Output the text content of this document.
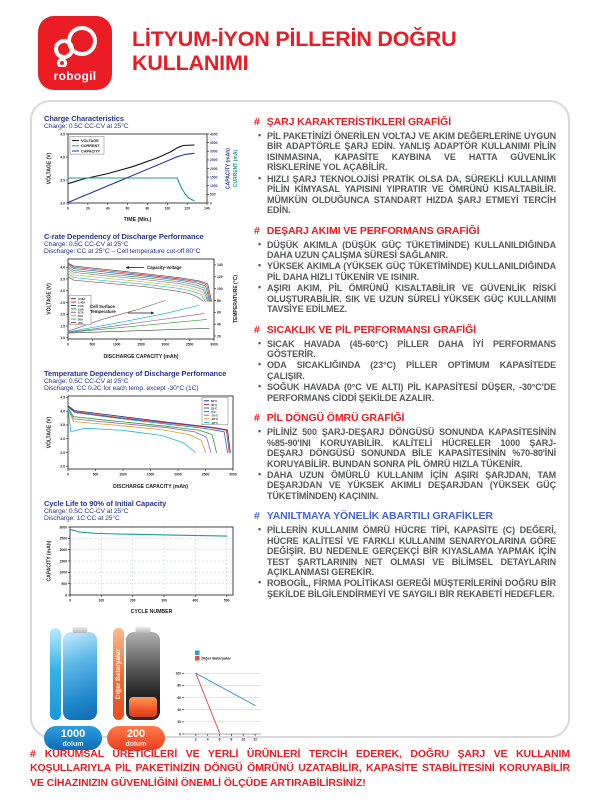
robogil
LİTYUM-İYON PİLLERİN DOĞRU
KULLANIMI
Charge Characteristics
Charge: 0.5C CC-CV at 25°C
0	20	40	60	80	100	120	140
3.0
3.5
4.0
4.5
0
500
1000
1500
2000
2500
3000
3500
4000
VOLTAGE (V)	CAPACITY (mAh) CURRENT (mA)
TIME (Min.)
VOLTAGE
CURRENT
CAPACITY
C-rate Dependency of Discharge Performance
Charge: 0.5C CC-CV at 25°C
Discharge: CC at 25°C – Cell temperature cut-off 80°C
0	500	1000	1500	2000	2500	3000
1.0
1.5
2.0
2.5
3.0
3.5
4.0
20
40
60
80
100
120
140
VOLTAGE (V)	TEMPERATURE (°C)
DISCHARGE CAPACITY (mAh)
0.58A
1.45A
2.9A
5.8A
8.7A
15A
20A
25A
Capacity-Voltage
Cell Surface
Temperature
Temperature Dependency of Discharge Performance
Charge: 0.5C CC-CV at 25°C
Discharge: CC 0.2C for each temp. except -30°C (1C)
0	500	1000	1500	2000	2500	3000
2.0
2.5
3.0
3.5
4.0
4.5
VOLTAGE (V)
DISCHARGE CAPACITY (mAh)
60°C
45°C
23°C
0°C
-10°C
-20°C
-30°C
Cycle Life to 90% of Initial Capacity
Charge: 0.5C CC-CV at 25°C
Discharge: 1C CC at 25°C
0	100	200	300	400	500
0
500
1000
1500
2000
2500
3000
CAPACITY (mAh)
CYCLE NUMBER
1000
dolum
Diğer Bataryalar
200
dolum
2	4	6	8	10 12
0
20
40
60
80
100
Diğer Bataryalar
# ŞARJ KARAKTERİSTİKLERİ GRAFİĞİ
• PİL PAKETİNİZİ ÖNERİLEN VOLTAJ VE AKIM DEĞERLERİNE UYGUN BİR ADAPTÖRLE ŞARJ EDİN. YANLIŞ ADAPTÖR KULLANIMI PİLİN ISINMASINA, KAPASİTE KAYBINA VE HATTA GÜVENLİK RİSKLERİNE YOL AÇABİLİR.
• HIZLI ŞARJ TEKNOLOJİSİ PRATİK OLSA DA, SÜREKLİ KULLANIMI PİLİN KİMYASAL YAPISINI YIPRATIR VE ÖMRÜNÜ KISALTABİLİR. MÜMKÜN OLDUĞUNCA STANDART HIZDA ŞARJ ETMEYİ TERCİH EDİN.
# DEŞARJ AKIMI VE PERFORMANS GRAFİĞİ
• DÜŞÜK AKIMLA (DÜŞÜK GÜÇ TÜKETİMİNDE) KULLANILDIĞINDA DAHA UZUN ÇALIŞMA SÜRESİ SAĞLANIR.
• YÜKSEK AKIMLA (YÜKSEK GÜÇ TÜKETİMİNDE) KULLANILDIĞINDA PİL DAHA HIZLI TÜKENİR VE ISINIR.
• AŞIRI AKIM, PİL ÖMRÜNÜ KISALTABİLİR VE GÜVENLİK RİSKİ OLUŞTURABİLİR. SIK VE UZUN SÜRELİ YÜKSEK GÜÇ KULLANIMI TAVSİYE EDİLMEZ.
# SICAKLIK VE PİL PERFORMANSI GRAFİĞİ
• SICAK HAVADA (45-60°C) PİLLER DAHA İYİ PERFORMANS GÖSTERİR.
• ODA SICAKLIĞINDA (23°C) PİLLER OPTİMUM KAPASİTEDE ÇALIŞIR.
• SOĞUK HAVADA (0°C VE ALTI) PİL KAPASİTESİ DÜŞER, -30°C'DE PERFORMANS CİDDİ ŞEKİLDE AZALIR.
# PİL DÖNGÜ ÖMRÜ GRAFİĞİ
• PİLİNİZ 500 ŞARJ-DEŞARJ DÖNGÜSÜ SONUNDA KAPASİTESİNİN %85-90'INI KORUYABİLİR. KALİTELİ HÜCRELER 1000 ŞARJ-DEŞARJ DÖNGÜSÜ SONUNDA BİLE KAPASİTESİNİN %70-80'İNİ KORUYABİLİR. BUNDAN SONRA PİL ÖMRÜ HIZLA TÜKENİR.
• DAHA UZUN ÖMÜRLÜ KULLANIM İÇİN AŞIRI ŞARJDAN, TAM DEŞARJDAN VE YÜKSEK AKIMLI DEŞARJDAN (YÜKSEK GÜÇ TÜKETİMİNDEN) KAÇININ.
# YANILTMAYA YÖNELİK ABARTILI GRAFİKLER
• PİLLERİN KULLANIM ÖMRÜ HÜCRE TİPİ, KAPASİTE (C) DEĞERİ, HÜCRE KALİTESİ VE FARKLI KULLANIM SENARYOLARINA GÖRE DEĞİŞİR. BU NEDENLE GERÇEKÇİ BİR KIYASLAMA YAPMAK İÇİN TEST ŞARTLARININ NET OLMASI VE BİLİMSEL DETAYLARIN AÇIKLANMASI GEREKİR.
• ROBOGİL, FİRMA POLİTİKASI GEREĞİ MÜŞTERİLERİNİ DOĞRU BİR ŞEKİLDE BİLGİLENDİRMEYİ VE SAYGILI BİR REKABETİ HEDEFLER.
# KURUMSAL ÜRETİCİLERİ VE YERLİ ÜRÜNLERİ TERCİH EDEREK, DOĞRU ŞARJ VE KULLANIM KOŞULLARIYLA PİL PAKETİNİZİN DÖNGÜ ÖMRÜNÜ UZATABİLİR, KAPASİTE STABİLİTESİNİ KORUYABİLİR VE CİHAZINIZIN GÜVENLİĞİNİ ÖNEMLİ ÖLÇÜDE ARTIRABİLİRSİNİZ!
